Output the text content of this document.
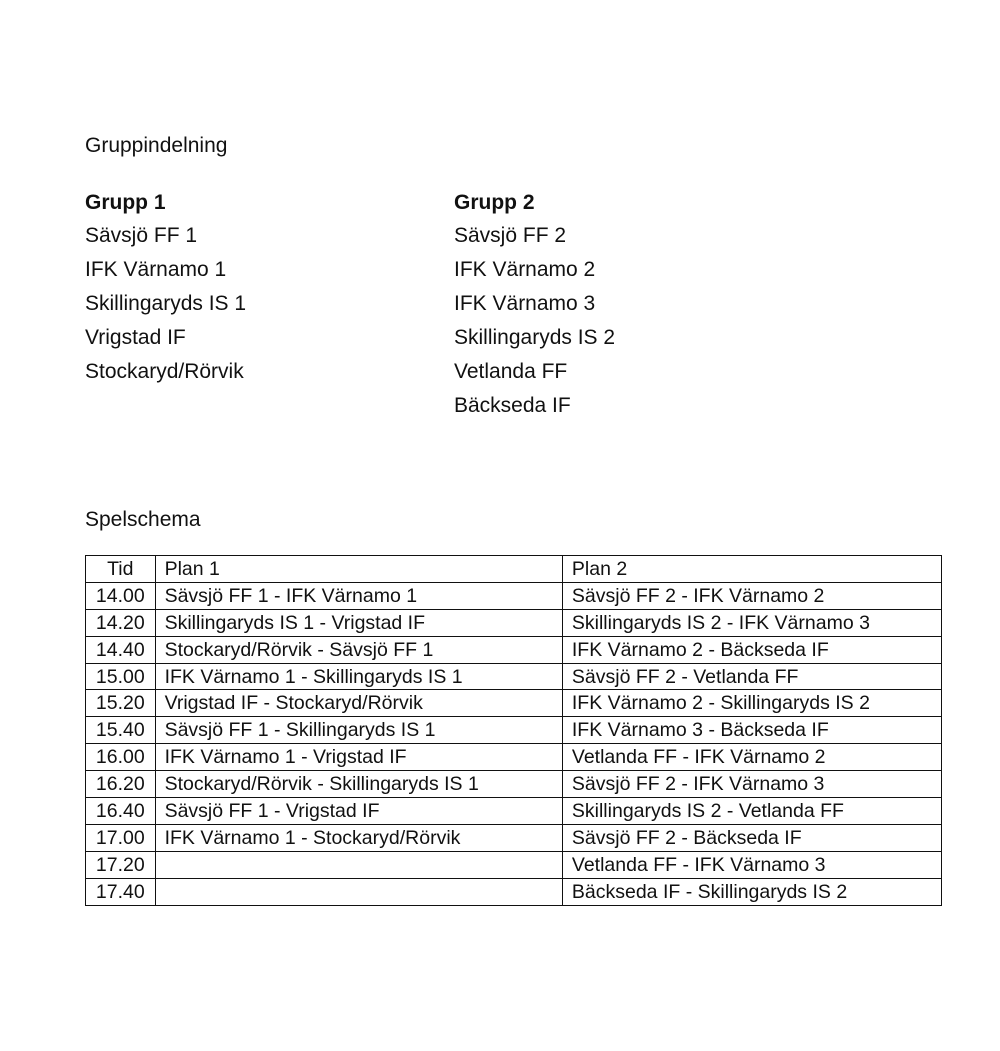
Gruppindelning
Grupp 1
Sävsjö FF 1
IFK Värnamo 1
Skillingaryds IS 1
Vrigstad IF
Stockaryd/Rörvik
Grupp 2
Sävsjö FF 2
IFK Värnamo 2
IFK Värnamo 3
Skillingaryds IS 2
Vetlanda FF
Bäckseda IF
Spelschema
Tid	Plan 1	Plan 2
14.00	Sävsjö FF 1 - IFK Värnamo 1	Sävsjö FF 2 - IFK Värnamo 2
14.20	Skillingaryds IS 1 - Vrigstad IF	Skillingaryds IS 2 - IFK Värnamo 3
14.40	Stockaryd/Rörvik - Sävsjö FF 1	IFK Värnamo 2 - Bäckseda IF
15.00	IFK Värnamo 1 - Skillingaryds IS 1	Sävsjö FF 2 - Vetlanda FF
15.20	Vrigstad IF - Stockaryd/Rörvik	IFK Värnamo 2 - Skillingaryds IS 2
15.40	Sävsjö FF 1 - Skillingaryds IS 1	IFK Värnamo 3 - Bäckseda IF
16.00	IFK Värnamo 1 - Vrigstad IF	Vetlanda FF - IFK Värnamo 2
16.20	Stockaryd/Rörvik - Skillingaryds IS 1	Sävsjö FF 2 - IFK Värnamo 3
16.40	Sävsjö FF 1 - Vrigstad IF	Skillingaryds IS 2 - Vetlanda FF
17.00	IFK Värnamo 1 - Stockaryd/Rörvik	Sävsjö FF 2 - Bäckseda IF
17.20		Vetlanda FF - IFK Värnamo 3
17.40		Bäckseda IF - Skillingaryds IS 2
